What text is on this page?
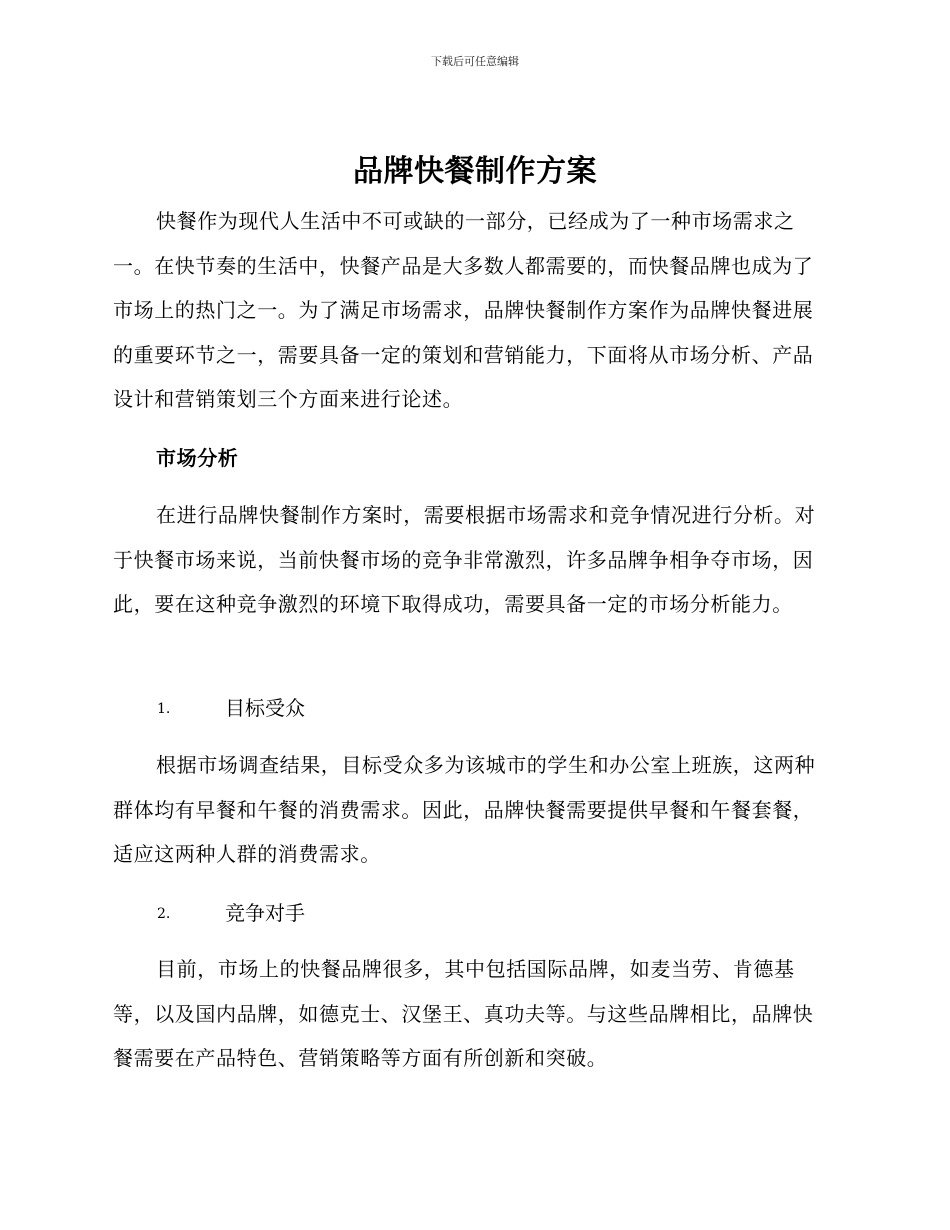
下载后可任意编辑
品牌快餐制作方案

快餐作为现代人生活中不可或缺的一部分，已经成为了一种市场需求之一。在快节奏的生活中，快餐产品是大多数人都需要的，而快餐品牌也成为了市场上的热门之一。为了满足市场需求，品牌快餐制作方案作为品牌快餐进展的重要环节之一，需要具备一定的策划和营销能力，下面将从市场分析、产品设计和营销策划三个方面来进行论述。

市场分析

在进行品牌快餐制作方案时，需要根据市场需求和竞争情况进行分析。对于快餐市场来说，当前快餐市场的竞争非常激烈，许多品牌争相争夺市场，因此，要在这种竞争激烈的环境下取得成功，需要具备一定的市场分析能力。

1.	目标受众

根据市场调查结果，目标受众多为该城市的学生和办公室上班族，这两种群体均有早餐和午餐的消费需求。因此，品牌快餐需要提供早餐和午餐套餐，适应这两种人群的消费需求。

2.	竞争对手

目前，市场上的快餐品牌很多，其中包括国际品牌，如麦当劳、肯德基等，以及国内品牌，如德克士、汉堡王、真功夫等。与这些品牌相比，品牌快餐需要在产品特色、营销策略等方面有所创新和突破。
